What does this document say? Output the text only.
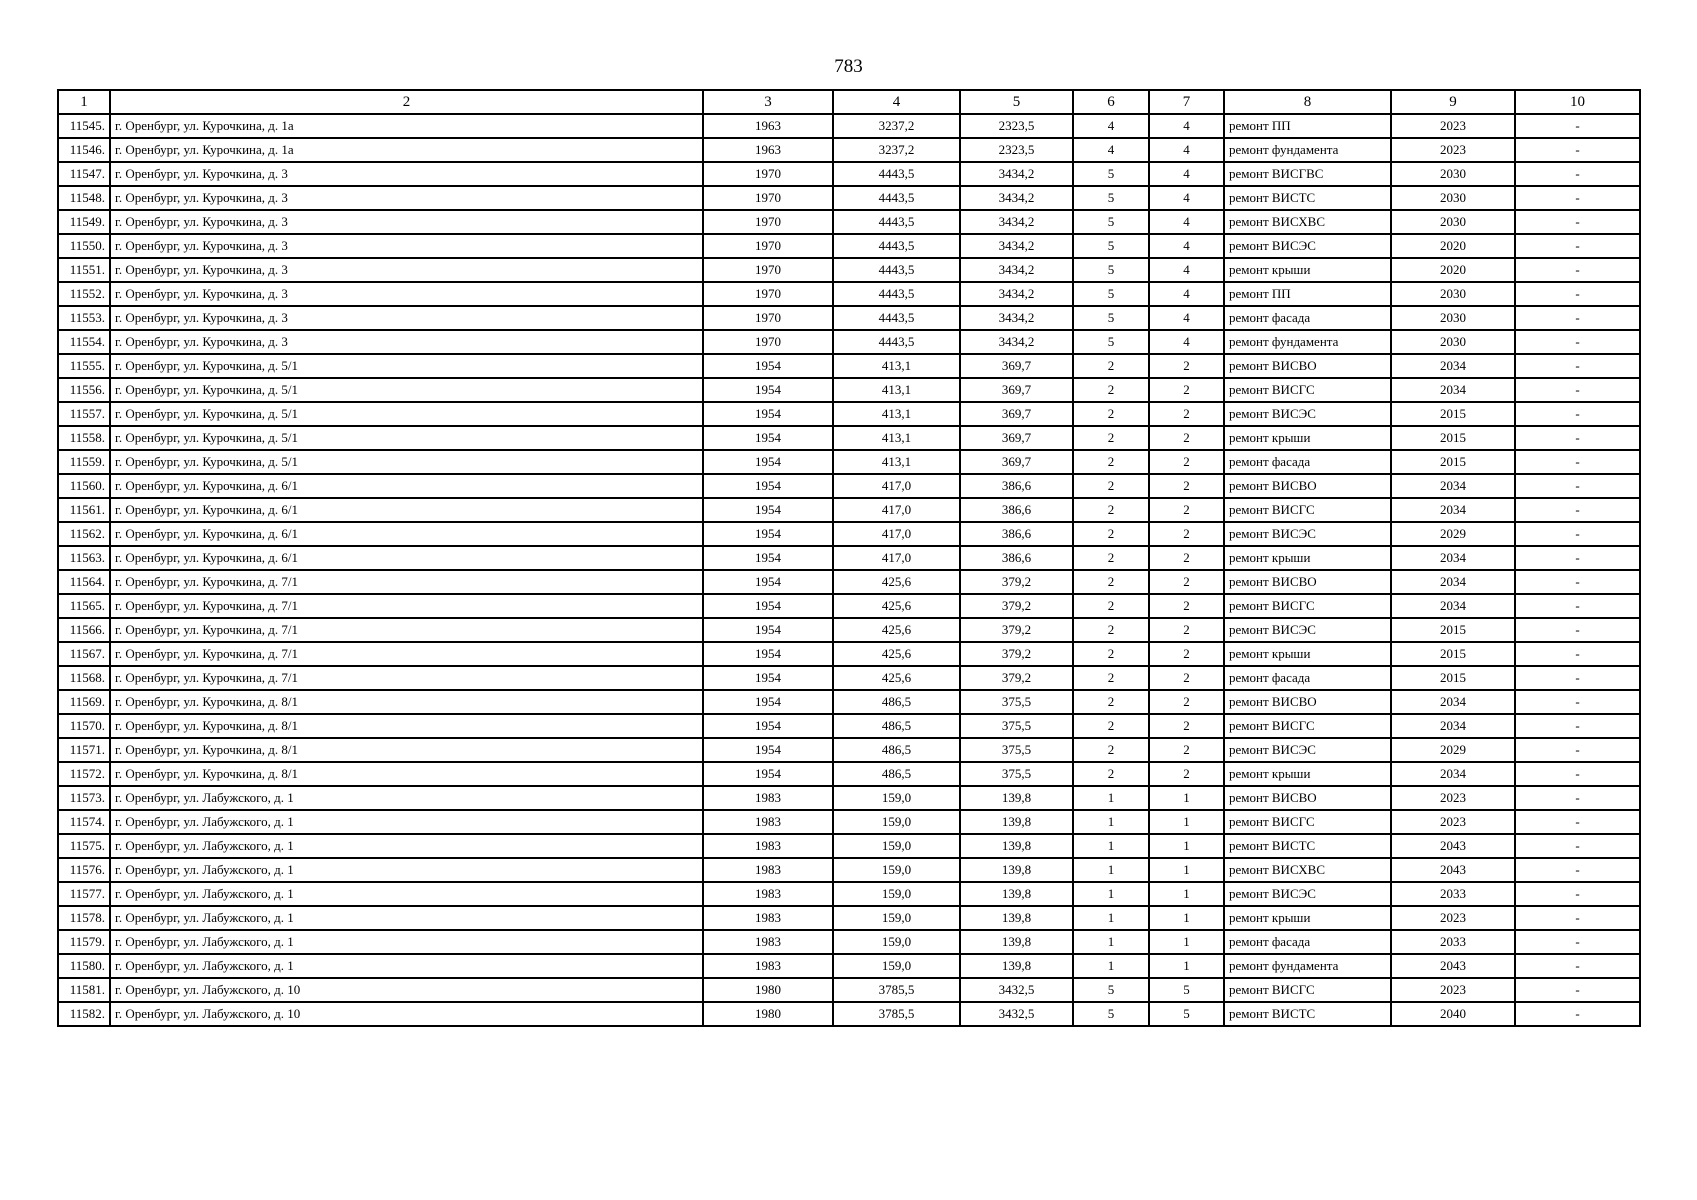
783
1	2	3	4	5	6	7	8	9	10
11545.	г. Оренбург, ул. Курочкина, д. 1а	1963	3237,2	2323,5	4	4	ремонт ПП	2023	-
11546.	г. Оренбург, ул. Курочкина, д. 1а	1963	3237,2	2323,5	4	4	ремонт фундамента	2023	-
11547.	г. Оренбург, ул. Курочкина, д. 3	1970	4443,5	3434,2	5	4	ремонт ВИСГВС	2030	-
11548.	г. Оренбург, ул. Курочкина, д. 3	1970	4443,5	3434,2	5	4	ремонт ВИСТС	2030	-
11549.	г. Оренбург, ул. Курочкина, д. 3	1970	4443,5	3434,2	5	4	ремонт ВИСХВС	2030	-
11550.	г. Оренбург, ул. Курочкина, д. 3	1970	4443,5	3434,2	5	4	ремонт ВИСЭС	2020	-
11551.	г. Оренбург, ул. Курочкина, д. 3	1970	4443,5	3434,2	5	4	ремонт крыши	2020	-
11552.	г. Оренбург, ул. Курочкина, д. 3	1970	4443,5	3434,2	5	4	ремонт ПП	2030	-
11553.	г. Оренбург, ул. Курочкина, д. 3	1970	4443,5	3434,2	5	4	ремонт фасада	2030	-
11554.	г. Оренбург, ул. Курочкина, д. 3	1970	4443,5	3434,2	5	4	ремонт фундамента	2030	-
11555.	г. Оренбург, ул. Курочкина, д. 5/1	1954	413,1	369,7	2	2	ремонт ВИСВО	2034	-
11556.	г. Оренбург, ул. Курочкина, д. 5/1	1954	413,1	369,7	2	2	ремонт ВИСГС	2034	-
11557.	г. Оренбург, ул. Курочкина, д. 5/1	1954	413,1	369,7	2	2	ремонт ВИСЭС	2015	-
11558.	г. Оренбург, ул. Курочкина, д. 5/1	1954	413,1	369,7	2	2	ремонт крыши	2015	-
11559.	г. Оренбург, ул. Курочкина, д. 5/1	1954	413,1	369,7	2	2	ремонт фасада	2015	-
11560.	г. Оренбург, ул. Курочкина, д. 6/1	1954	417,0	386,6	2	2	ремонт ВИСВО	2034	-
11561.	г. Оренбург, ул. Курочкина, д. 6/1	1954	417,0	386,6	2	2	ремонт ВИСГС	2034	-
11562.	г. Оренбург, ул. Курочкина, д. 6/1	1954	417,0	386,6	2	2	ремонт ВИСЭС	2029	-
11563.	г. Оренбург, ул. Курочкина, д. 6/1	1954	417,0	386,6	2	2	ремонт крыши	2034	-
11564.	г. Оренбург, ул. Курочкина, д. 7/1	1954	425,6	379,2	2	2	ремонт ВИСВО	2034	-
11565.	г. Оренбург, ул. Курочкина, д. 7/1	1954	425,6	379,2	2	2	ремонт ВИСГС	2034	-
11566.	г. Оренбург, ул. Курочкина, д. 7/1	1954	425,6	379,2	2	2	ремонт ВИСЭС	2015	-
11567.	г. Оренбург, ул. Курочкина, д. 7/1	1954	425,6	379,2	2	2	ремонт крыши	2015	-
11568.	г. Оренбург, ул. Курочкина, д. 7/1	1954	425,6	379,2	2	2	ремонт фасада	2015	-
11569.	г. Оренбург, ул. Курочкина, д. 8/1	1954	486,5	375,5	2	2	ремонт ВИСВО	2034	-
11570.	г. Оренбург, ул. Курочкина, д. 8/1	1954	486,5	375,5	2	2	ремонт ВИСГС	2034	-
11571.	г. Оренбург, ул. Курочкина, д. 8/1	1954	486,5	375,5	2	2	ремонт ВИСЭС	2029	-
11572.	г. Оренбург, ул. Курочкина, д. 8/1	1954	486,5	375,5	2	2	ремонт крыши	2034	-
11573.	г. Оренбург, ул. Лабужского, д. 1	1983	159,0	139,8	1	1	ремонт ВИСВО	2023	-
11574.	г. Оренбург, ул. Лабужского, д. 1	1983	159,0	139,8	1	1	ремонт ВИСГС	2023	-
11575.	г. Оренбург, ул. Лабужского, д. 1	1983	159,0	139,8	1	1	ремонт ВИСТС	2043	-
11576.	г. Оренбург, ул. Лабужского, д. 1	1983	159,0	139,8	1	1	ремонт ВИСХВС	2043	-
11577.	г. Оренбург, ул. Лабужского, д. 1	1983	159,0	139,8	1	1	ремонт ВИСЭС	2033	-
11578.	г. Оренбург, ул. Лабужского, д. 1	1983	159,0	139,8	1	1	ремонт крыши	2023	-
11579.	г. Оренбург, ул. Лабужского, д. 1	1983	159,0	139,8	1	1	ремонт фасада	2033	-
11580.	г. Оренбург, ул. Лабужского, д. 1	1983	159,0	139,8	1	1	ремонт фундамента	2043	-
11581.	г. Оренбург, ул. Лабужского, д. 10	1980	3785,5	3432,5	5	5	ремонт ВИСГС	2023	-
11582.	г. Оренбург, ул. Лабужского, д. 10	1980	3785,5	3432,5	5	5	ремонт ВИСТС	2040	-
